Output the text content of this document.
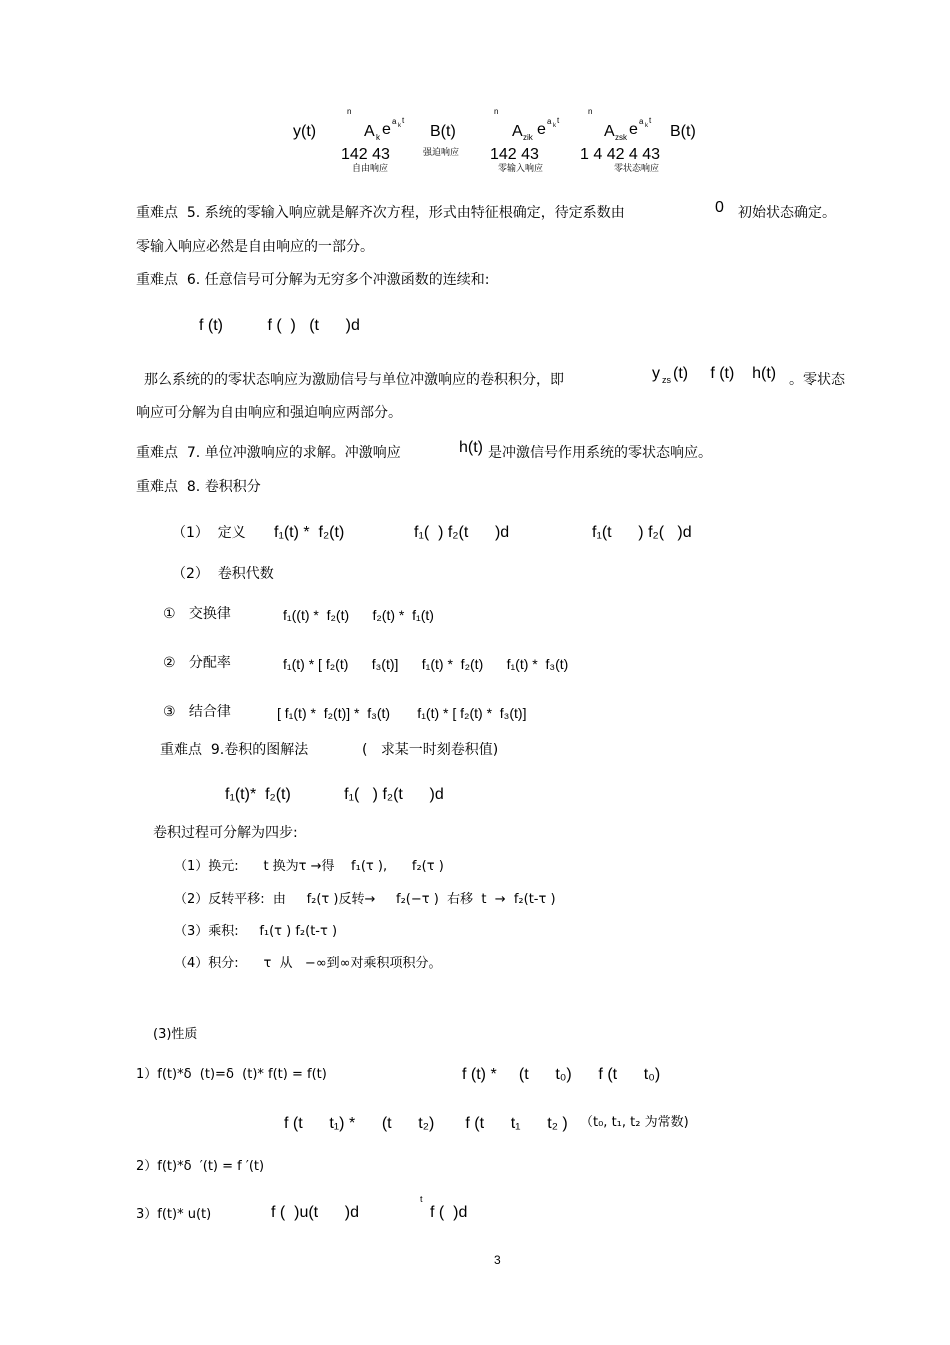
y(t)
n
A k e a k
t
B(t)
n
A zik e a k
t
n
A zsk e a k
t
B(t)
142 43	142 43	1 4 42 4 43
强迫响应
自由响应	零输入响应	零状态响应
重难点  5. 系统的零输入响应就是解齐次方程，形式由特征根确定，待定系数由	0 初始状态确定。
零输入响应必然是自由响应的一部分。
重难点  6. 任意信号可分解为无穷多个冲激函数的连续和:
f (t)          f (  )   (t      )d
那么系统的的零状态响应为激励信号与单位冲激响应的卷积积分，即	y zs (t)     f (t)    h(t) 。零状态
响应可分解为自由响应和强迫响应两部分。
重难点  7. 单位冲激响应的求解。冲激响应	h(t) 是冲激信号作用系统的零状态响应。
重难点  8. 卷积积分
（1）  定义 f₁(t) *  f₂(t)	f₁(  ) f₂(t      )d	f₁(t      ) f₂(   )d
（2）  卷积代数
①   交换律	f₁((t) *  f₂(t)      f₂(t) *  f₁(t)
②   分配率	f₁(t) * [ f₂(t)      f₃(t)]      f₁(t) *  f₂(t)      f₁(t) *  f₃(t)
③   结合律	[ f₁(t) *  f₂(t)] *  f₃(t)       f₁(t) * [ f₂(t) *  f₃(t)]
重难点  9.卷积的图解法	(   求某一时刻卷积值)
f₁(t)*  f₂(t)            f₁(   ) f₂(t      )d
卷积过程可分解为四步:
（1）换元:      t 换为τ →得    f₁(τ ),      f₂(τ )
（2）反转平移:  由     f₂(τ )反转→     f₂(−τ )  右移  t  →  f₂(t-τ )
（3）乘积:     f₁(τ ) f₂(t-τ )
（4）积分:      τ  从   −∞到∞对乘积项积分。
(3)性质
1）f(t)*δ  (t)=δ  (t)* f(t) = f(t)	f (t) *     (t      t₀)      f (t      t₀)
f (t      t₁) *      (t      t₂)       f (t      t₁      t₂ ) （t₀, t₁, t₂ 为常数)
2）f(t)*δ  ′(t) = f ′(t)
3）f(t)* u(t)	f (  )u(t      )d
t
f (  )d
3
